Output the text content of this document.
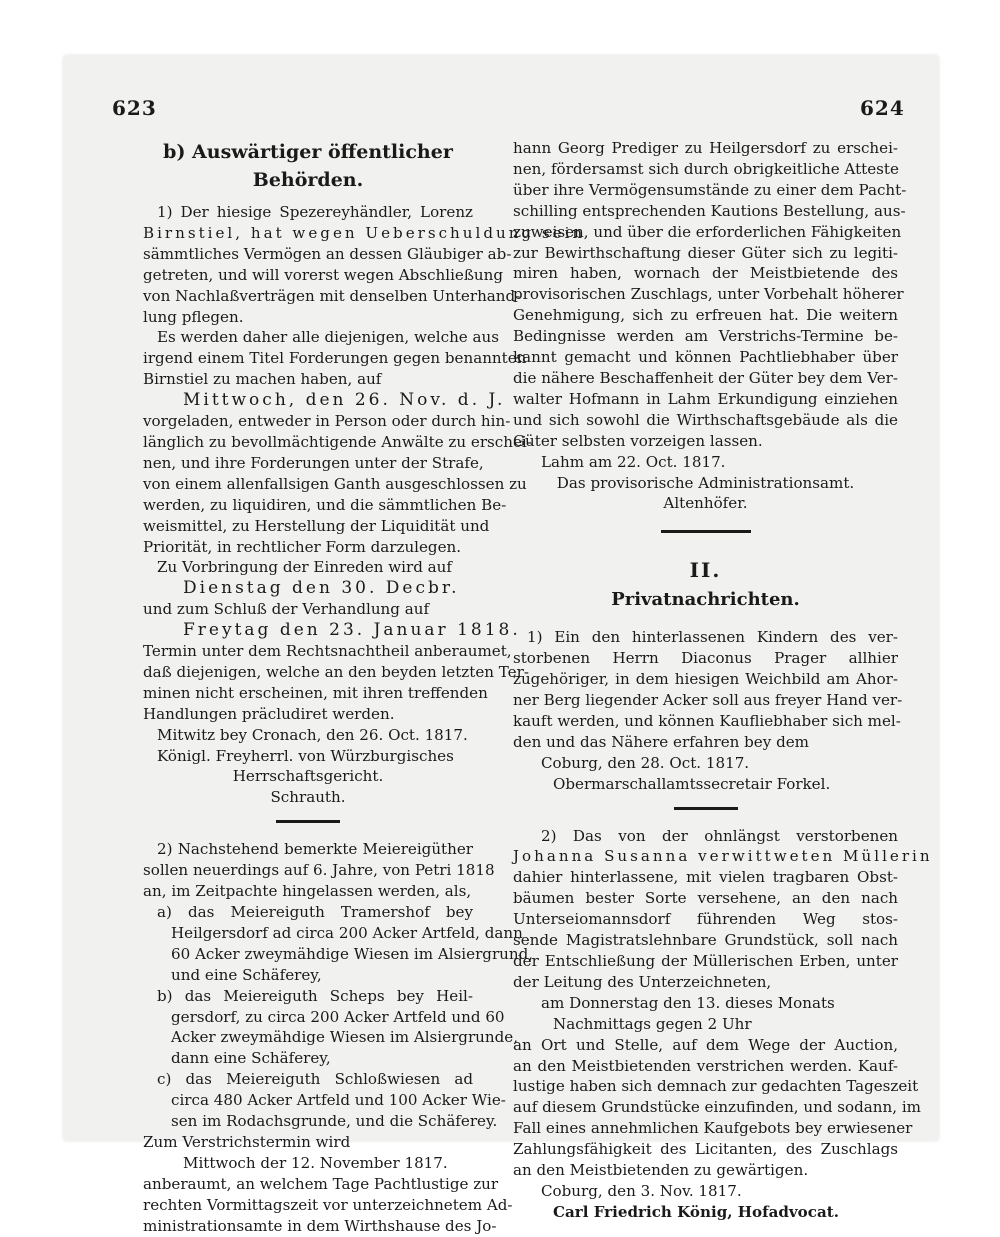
623	624
b) Auswärtiger öffentlicher Behörden.
1) Der hiesige Spezereyhändler, Lorenz
Birnstiel, hat wegen Ueberschuldung sein
sämmtliches Vermögen an dessen Gläubiger ab-
getreten, und will vorerst wegen Abschließung
von Nachlaßverträgen mit denselben Unterhand-
lung pflegen.
Es werden daher alle diejenigen, welche aus
irgend einem Titel Forderungen gegen benannten
Birnstiel zu machen haben, auf
Mittwoch, den 26. Nov. d. J.
vorgeladen, entweder in Person oder durch hin-
länglich zu bevollmächtigende Anwälte zu erschei-
nen, und ihre Forderungen unter der Strafe,
von einem allenfallsigen Ganth ausgeschlossen zu
werden, zu liquidiren, und die sämmtlichen Be-
weismittel, zu Herstellung der Liquidität und
Priorität, in rechtlicher Form darzulegen.
Zu Vorbringung der Einreden wird auf
Dienstag den 30. Decbr.
und zum Schluß der Verhandlung auf
Freytag den 23. Januar 1818.
Termin unter dem Rechtsnachtheil anberaumet,
daß diejenigen, welche an den beyden letzten Ter-
minen nicht erscheinen, mit ihren treffenden
Handlungen präcludiret werden.
Mitwitz bey Cronach, den 26. Oct. 1817.
Königl. Freyherrl. von Würzburgisches
Herrschaftsgericht.
Schrauth.
2) Nachstehend bemerkte Meiereigüther
sollen neuerdings auf 6. Jahre, von Petri 1818
an, im Zeitpachte hingelassen werden, als,
a) das Meiereiguth Tramershof bey
Heilgersdorf ad circa 200 Acker Artfeld, dann
60 Acker zweymähdige Wiesen im Alsiergrund,
und eine Schäferey,
b) das Meiereiguth Scheps bey Heil-
gersdorf, zu circa 200 Acker Artfeld und 60
Acker zweymähdige Wiesen im Alsiergrunde,
dann eine Schäferey,
c) das Meiereiguth Schloßwiesen ad
circa 480 Acker Artfeld und 100 Acker Wie-
sen im Rodachsgrunde, und die Schäferey.
Zum Verstrichstermin wird
Mittwoch der 12. November 1817.
anberaumt, an welchem Tage Pachtlustige zur
rechten Vormittagszeit vor unterzeichnetem Ad-
ministrationsamte in dem Wirthshause des Jo-
hann Georg Prediger zu Heilgersdorf zu erschei-
nen, fördersamst sich durch obrigkeitliche Atteste
über ihre Vermögensumstände zu einer dem Pacht-
schilling entsprechenden Kautions Bestellung, aus-
zuweisen, und über die erforderlichen Fähigkeiten
zur Bewirthschaftung dieser Güter sich zu legiti-
miren haben, wornach der Meistbietende des
provisorischen Zuschlags, unter Vorbehalt höherer
Genehmigung, sich zu erfreuen hat. Die weitern
Bedingnisse werden am Verstrichs-Termine be-
kannt gemacht und können Pachtliebhaber über
die nähere Beschaffenheit der Güter bey dem Ver-
walter Hofmann in Lahm Erkundigung einziehen
und sich sowohl die Wirthschaftsgebäude als die
Güter selbsten vorzeigen lassen.
Lahm am 22. Oct. 1817.
Das provisorische Administrationsamt.
Altenhöfer.
II.
Privatnachrichten.
1) Ein den hinterlassenen Kindern des ver-
storbenen Herrn Diaconus Prager allhier
zugehöriger, in dem hiesigen Weichbild am Ahor-
ner Berg liegender Acker soll aus freyer Hand ver-
kauft werden, und können Kaufliebhaber sich mel-
den und das Nähere erfahren bey dem
Coburg, den 28. Oct. 1817.
Obermarschallamtssecretair Forkel.
2) Das von der ohnlängst verstorbenen
Johanna Susanna verwittweten Müllerin
dahier hinterlassene, mit vielen tragbaren Obst-
bäumen bester Sorte versehene, an den nach
Unterseiomannsdorf führenden Weg stos-
sende Magistratslehnbare Grundstück, soll nach
der Entschließung der Müllerischen Erben, unter
der Leitung des Unterzeichneten,
am Donnerstag den 13. dieses Monats
Nachmittags gegen 2 Uhr
an Ort und Stelle, auf dem Wege der Auction,
an den Meistbietenden verstrichen werden. Kauf-
lustige haben sich demnach zur gedachten Tageszeit
auf diesem Grundstücke einzufinden, und sodann, im
Fall eines annehmlichen Kaufgebots bey erwiesener
Zahlungsfähigkeit des Licitanten, des Zuschlags
an den Meistbietenden zu gewärtigen.
Coburg, den 3. Nov. 1817.
Carl Friedrich König, Hofadvocat.
